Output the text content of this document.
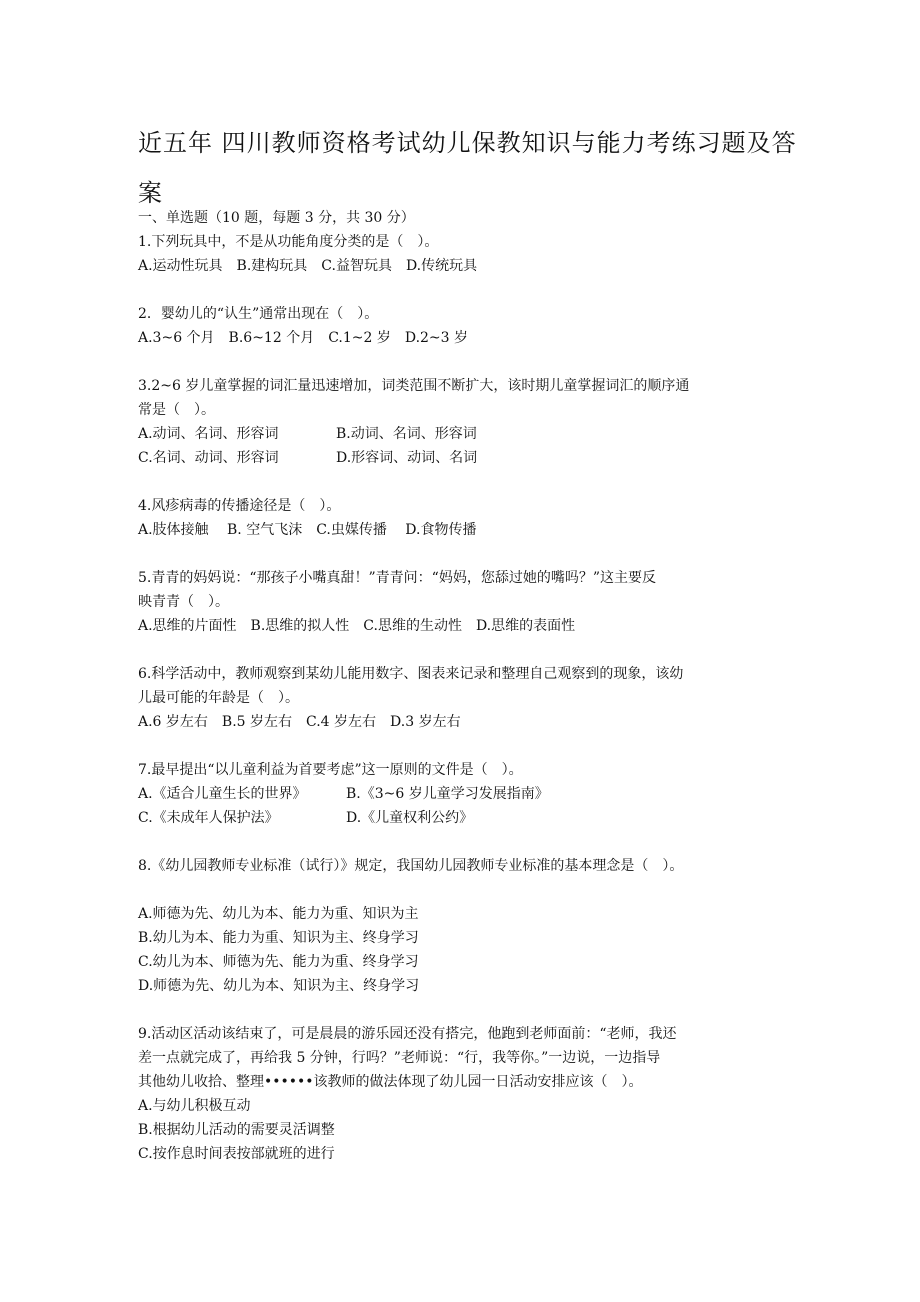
近五年 四川教师资格考试幼儿保教知识与能力考练习题及答案
一、单选题（10 题，每题 3 分，共 30 分）
1.下列玩具中，不是从功能角度分类的是（　）。
A.运动性玩具　B.建构玩具　C.益智玩具　D.传统玩具
2．婴幼儿的“认生”通常出现在（　）。
A.3~6 个月　B.6~12 个月　C.1~2 岁　D.2~3 岁
3.2~6 岁儿童掌握的词汇量迅速增加，词类范围不断扩大，该时期儿童掌握词汇的顺序通
常是（　）。
A.动词、名词、形容词	B.动词、名词、形容词
C.名词、动词、形容词	D.形容词、动词、名词
4.风疹病毒的传播途径是（　）。
A.肢体接触　 B. 空气飞沫　C.虫媒传播　 D.食物传播
5.青青的妈妈说：“那孩子小嘴真甜！”青青问：“妈妈，您舔过她的嘴吗？”这主要反
映青青（　）。
A.思维的片面性　B.思维的拟人性　C.思维的生动性　D.思维的表面性
6.科学活动中，教师观察到某幼儿能用数字、图表来记录和整理自己观察到的现象，该幼
儿最可能的年龄是（　）。
A.6 岁左右　B.5 岁左右　C.4 岁左右　D.3 岁左右
7.最早提出“以儿童利益为首要考虑”这一原则的文件是（　）。
A.《适合儿童生长的世界》	B.《3~6 岁儿童学习发展指南》
C.《未成年人保护法》	D.《儿童权利公约》
8.《幼儿园教师专业标准（试行）》规定，我国幼儿园教师专业标准的基本理念是（　）。
A.师德为先、幼儿为本、能力为重、知识为主
B.幼儿为本、能力为重、知识为主、终身学习
C.幼儿为本、师德为先、能力为重、终身学习
D.师德为先、幼儿为本、知识为主、终身学习
9.活动区活动该结束了，可是晨晨的游乐园还没有搭完，他跑到老师面前：“老师，我还
差一点就完成了，再给我 5 分钟，行吗？”老师说：“行，我等你。”一边说，一边指导
其他幼儿收拾、整理••••••该教师的做法体现了幼儿园一日活动安排应该（　）。
A.与幼儿积极互动
B.根据幼儿活动的需要灵活调整
C.按作息时间表按部就班的进行
